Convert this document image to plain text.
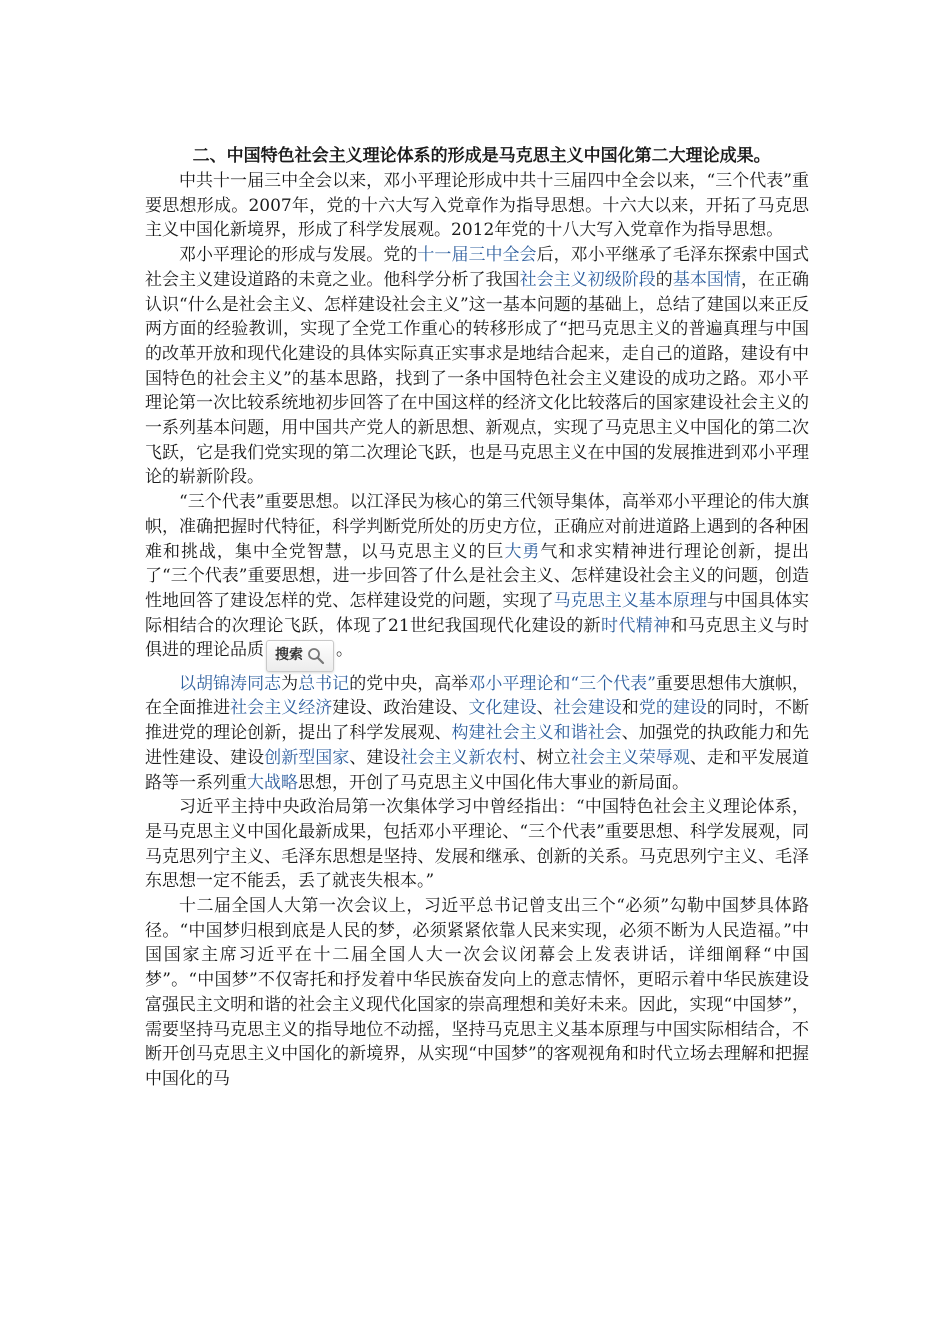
二、中国特色社会主义理论体系的形成是马克思主义中国化第二大理论成果。

中共十一届三中全会以来，邓小平理论形成中共十三届四中全会以来，“三个代表”重要思想形成。2007年，党的十六大写入党章作为指导思想。十六大以来，开拓了马克思主义中国化新境界，形成了科学发展观。2012年党的十八大写入党章作为指导思想。

邓小平理论的形成与发展。党的十一届三中全会后，邓小平继承了毛泽东探索中国式社会主义建设道路的未竟之业。他科学分析了我国社会主义初级阶段的基本国情，在正确认识“什么是社会主义、怎样建设社会主义”这一基本问题的基础上，总结了建国以来正反两方面的经验教训，实现了全党工作重心的转移形成了“把马克思主义的普遍真理与中国的改革开放和现代化建设的具体实际真正实事求是地结合起来，走自己的道路，建设有中国特色的社会主义”的基本思路，找到了一条中国特色社会主义建设的成功之路。邓小平理论第一次比较系统地初步回答了在中国这样的经济文化比较落后的国家建设社会主义的一系列基本问题，用中国共产党人的新思想、新观点，实现了马克思主义中国化的第二次飞跃，它是我们党实现的第二次理论飞跃，也是马克思主义在中国的发展推进到邓小平理论的崭新阶段。

“三个代表”重要思想。以江泽民为核心的第三代领导集体，高举邓小平理论的伟大旗帜，准确把握时代特征，科学判断党所处的历史方位，正确应对前进道路上遇到的各种困难和挑战，集中全党智慧，以马克思主义的巨大勇气和求实精神进行理论创新，提出了“三个代表”重要思想，进一步回答了什么是社会主义、怎样建设社会主义的问题，创造性地回答了建设怎样的党、怎样建设党的问题，实现了马克思主义基本原理与中国具体实际相结合的次理论飞跃，体现了21世纪我国现代化建设的新时代精神和马克思主义与时俱进的理论品质 搜索 。

以胡锦涛同志为总书记的党中央，高举邓小平理论和“三个代表”重要思想伟大旗帜，在全面推进社会主义经济建设、政治建设、文化建设、社会建设和党的建设的同时，不断推进党的理论创新，提出了科学发展观、构建社会主义和谐社会、加强党的执政能力和先进性建设、建设创新型国家、建设社会主义新农村、树立社会主义荣辱观、走和平发展道路等一系列重大战略思想，开创了马克思主义中国化伟大事业的新局面。

习近平主持中央政治局第一次集体学习中曾经指出：“中国特色社会主义理论体系，是马克思主义中国化最新成果，包括邓小平理论、“三个代表”重要思想、科学发展观，同马克思列宁主义、毛泽东思想是坚持、发展和继承、创新的关系。马克思列宁主义、毛泽东思想一定不能丢，丢了就丧失根本。”

十二届全国人大第一次会议上，习近平总书记曾支出三个“必须”勾勒中国梦具体路径。“中国梦归根到底是人民的梦，必须紧紧依靠人民来实现，必须不断为人民造福。”中国国家主席习近平在十二届全国人大一次会议闭幕会上发表讲话，详细阐释“中国梦”。“中国梦”不仅寄托和抒发着中华民族奋发向上的意志情怀，更昭示着中华民族建设富强民主文明和谐的社会主义现代化国家的崇高理想和美好未来。因此，实现“中国梦”，需要坚持马克思主义的指导地位不动摇，坚持马克思主义基本原理与中国实际相结合，不断开创马克思主义中国化的新境界，从实现“中国梦”的客观视角和时代立场去理解和把握中国化的马
